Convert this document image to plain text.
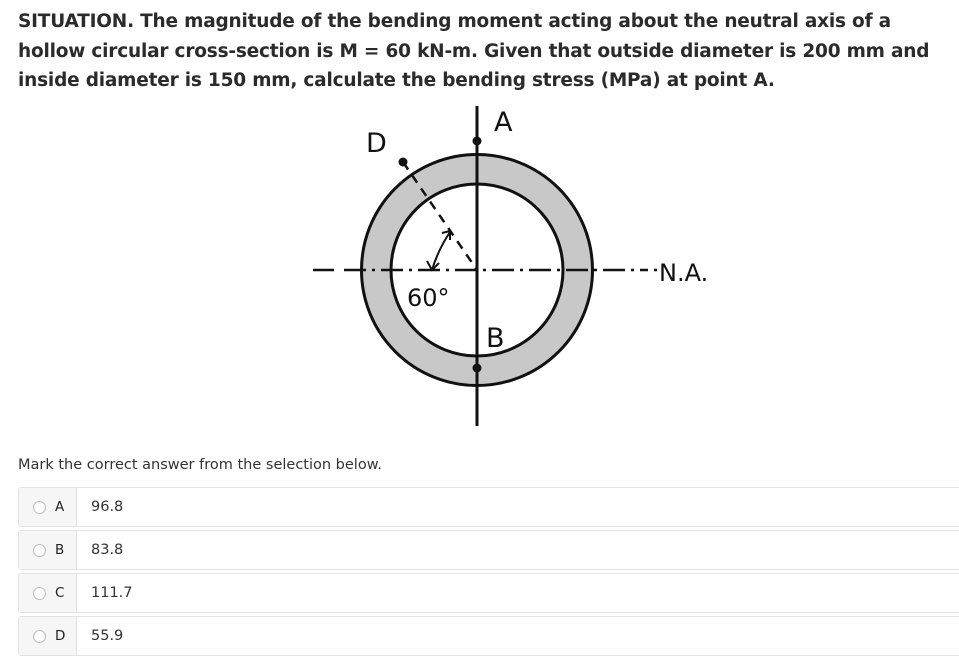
SITUATION. The magnitude of the bending moment acting about the neutral axis of a hollow circular cross-section is M = 60 kN-m. Given that outside diameter is 200 mm and inside diameter is 150 mm, calculate the bending stress (MPa) at point A.
A
D
60°
B
N.A.
Mark the correct answer from the selection below.
A	96.8
B	83.8
C	111.7
D	55.9
